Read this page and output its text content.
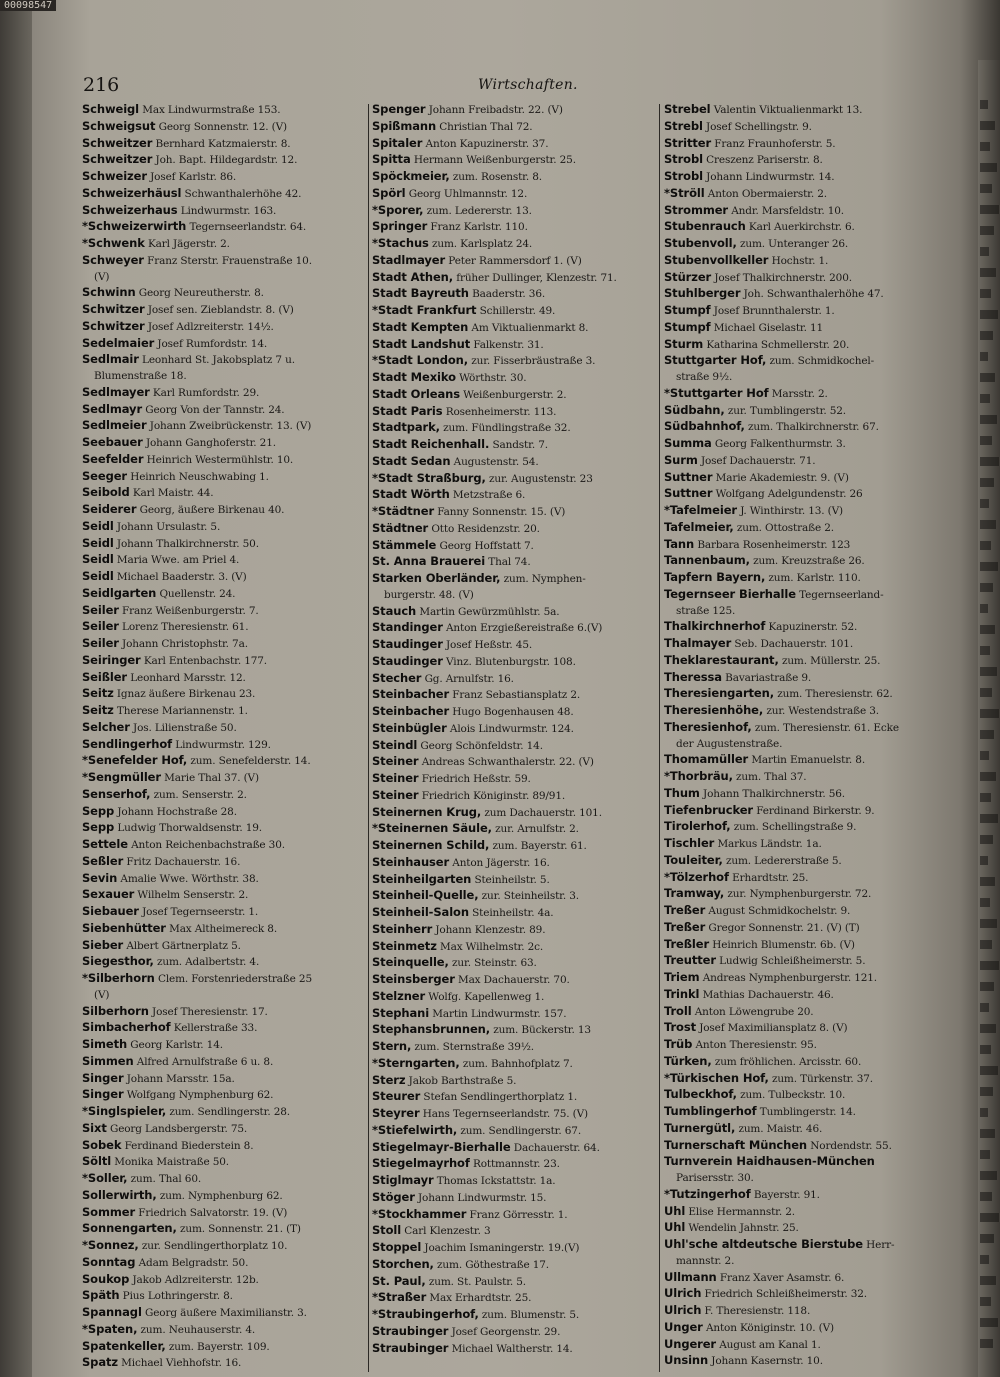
00098547
216	Wirtschaften.
Schweigl Max Lindwurmstraße 153.
Schweigsut Georg Sonnenstr. 12. (V)
Schweitzer Bernhard Katzmaierstr. 8.
Schweitzer Joh. Bapt. Hildegardstr. 12.
Schweizer Josef Karlstr. 86.
Schweizerhäusl Schwanthalerhöhe 42.
Schweizerhaus Lindwurmstr. 163.
*Schweizerwirth Tegernseerlandstr. 64.
*Schwenk Karl Jägerstr. 2.
Schweyer Franz Sterstr. Frauenstraße 10.
(V)
Schwinn Georg Neureutherstr. 8.
Schwitzer Josef sen. Zieblandstr. 8. (V)
Schwitzer Josef Adlzreiterstr. 14½.
Sedelmaier Josef Rumfordstr. 14.
Sedlmair Leonhard St. Jakobsplatz 7 u.
Blumenstraße 18.
Sedlmayer Karl Rumfordstr. 29.
Sedlmayr Georg Von der Tannstr. 24.
Sedlmeier Johann Zweibrückenstr. 13. (V)
Seebauer Johann Ganghoferstr. 21.
Seefelder Heinrich Westermühlstr. 10.
Seeger Heinrich Neuschwabing 1.
Seibold Karl Maistr. 44.
Seiderer Georg, äußere Birkenau 40.
Seidl Johann Ursulastr. 5.
Seidl Johann Thalkirchnerstr. 50.
Seidl Maria Wwe. am Priel 4.
Seidl Michael Baaderstr. 3. (V)
Seidlgarten Quellenstr. 24.
Seiler Franz Weißenburgerstr. 7.
Seiler Lorenz Theresienstr. 61.
Seiler Johann Christophstr. 7a.
Seiringer Karl Entenbachstr. 177.
Seißler Leonhard Marsstr. 12.
Seitz Ignaz äußere Birkenau 23.
Seitz Therese Mariannenstr. 1.
Selcher Jos. Lilienstraße 50.
Sendlingerhof Lindwurmstr. 129.
*Senefelder Hof, zum. Senefelderstr. 14.
*Sengmüller Marie Thal 37. (V)
Senserhof, zum. Senserstr. 2.
Sepp Johann Hochstraße 28.
Sepp Ludwig Thorwaldsenstr. 19.
Settele Anton Reichenbachstraße 30.
Seßler Fritz Dachauerstr. 16.
Sevin Amalie Wwe. Wörthstr. 38.
Sexauer Wilhelm Senserstr. 2.
Siebauer Josef Tegernseerstr. 1.
Siebenhütter Max Altheimereck 8.
Sieber Albert Gärtnerplatz 5.
Siegesthor, zum. Adalbertstr. 4.
*Silberhorn Clem. Forstenriederstraße 25
(V)
Silberhorn Josef Theresienstr. 17.
Simbacherhof Kellerstraße 33.
Simeth Georg Karlstr. 14.
Simmen Alfred Arnulfstraße 6 u. 8.
Singer Johann Marsstr. 15a.
Singer Wolfgang Nymphenburg 62.
*Singlspieler, zum. Sendlingerstr. 28.
Sixt Georg Landsbergerstr. 75.
Sobek Ferdinand Biederstein 8.
Söltl Monika Maistraße 50.
*Soller, zum. Thal 60.
Sollerwirth, zum. Nymphenburg 62.
Sommer Friedrich Salvatorstr. 19. (V)
Sonnengarten, zum. Sonnenstr. 21. (T)
*Sonnez, zur. Sendlingerthorplatz 10.
Sonntag Adam Belgradstr. 50.
Soukop Jakob Adlzreiterstr. 12b.
Späth Pius Lothringerstr. 8.
Spannagl Georg äußere Maximilianstr. 3.
*Spaten, zum. Neuhauserstr. 4.
Spatenkeller, zum. Bayerstr. 109.
Spatz Michael Viehhofstr. 16.
Spenger Johann Freibadstr. 22. (V)
Spißmann Christian Thal 72.
Spitaler Anton Kapuzinerstr. 37.
Spitta Hermann Weißenburgerstr. 25.
Spöckmeier, zum. Rosenstr. 8.
Spörl Georg Uhlmannstr. 12.
*Sporer, zum. Ledererstr. 13.
Springer Franz Karlstr. 110.
*Stachus zum. Karlsplatz 24.
Stadlmayer Peter Rammersdorf 1. (V)
Stadt Athen, früher Dullinger, Klenzestr. 71.
Stadt Bayreuth Baaderstr. 36.
*Stadt Frankfurt Schillerstr. 49.
Stadt Kempten Am Viktualienmarkt 8.
Stadt Landshut Falkenstr. 31.
*Stadt London, zur. Fisserbräustraße 3.
Stadt Mexiko Wörthstr. 30.
Stadt Orleans Weißenburgerstr. 2.
Stadt Paris Rosenheimerstr. 113.
Stadtpark, zum. Fündlingstraße 32.
Stadt Reichenhall. Sandstr. 7.
Stadt Sedan Augustenstr. 54.
*Stadt Straßburg, zur. Augustenstr. 23
Stadt Wörth Metzstraße 6.
*Städtner Fanny Sonnenstr. 15. (V)
Städtner Otto Residenzstr. 20.
Stämmele Georg Hoffstatt 7.
St. Anna Brauerei Thal 74.
Starken Oberländer, zum. Nymphen-
burgerstr. 48. (V)
Stauch Martin Gewürzmühlstr. 5a.
Standinger Anton Erzgießereistraße 6.(V)
Staudinger Josef Heßstr. 45.
Staudinger Vinz. Blutenburgstr. 108.
Stecher Gg. Arnulfstr. 16.
Steinbacher Franz Sebastiansplatz 2.
Steinbacher Hugo Bogenhausen 48.
Steinbügler Alois Lindwurmstr. 124.
Steindl Georg Schönfeldstr. 14.
Steiner Andreas Schwanthalerstr. 22. (V)
Steiner Friedrich Heßstr. 59.
Steiner Friedrich Königinstr. 89/91.
Steinernen Krug, zum Dachauerstr. 101.
*Steinernen Säule, zur. Arnulfstr. 2.
Steinernen Schild, zum. Bayerstr. 61.
Steinhauser Anton Jägerstr. 16.
Steinheilgarten Steinheilstr. 5.
Steinheil-Quelle, zur. Steinheilstr. 3.
Steinheil-Salon Steinheilstr. 4a.
Steinherr Johann Klenzestr. 89.
Steinmetz Max Wilhelmstr. 2c.
Steinquelle, zur. Steinstr. 63.
Steinsberger Max Dachauerstr. 70.
Stelzner Wolfg. Kapellenweg 1.
Stephani Martin Lindwurmstr. 157.
Stephansbrunnen, zum. Bückerstr. 13
Stern, zum. Sternstraße 39½.
*Sterngarten, zum. Bahnhofplatz 7.
Sterz Jakob Barthstraße 5.
Steurer Stefan Sendlingerthorplatz 1.
Steyrer Hans Tegernseerlandstr. 75. (V)
*Stiefelwirth, zum. Sendlingerstr. 67.
Stiegelmayr-Bierhalle Dachauerstr. 64.
Stiegelmayrhof Rottmannstr. 23.
Stiglmayr Thomas Ickstattstr. 1a.
Stöger Johann Lindwurmstr. 15.
*Stockhammer Franz Görresstr. 1.
Stoll Carl Klenzestr. 3
Stoppel Joachim Ismaningerstr. 19.(V)
Storchen, zum. Göthestraße 17.
St. Paul, zum. St. Paulstr. 5.
*Straßer Max Erhardtstr. 25.
*Straubingerhof, zum. Blumenstr. 5.
Straubinger Josef Georgenstr. 29.
Straubinger Michael Waltherstr. 14.
Strebel Valentin Viktualienmarkt 13.
Strebl Josef Schellingstr. 9.
Stritter Franz Fraunhoferstr. 5.
Strobl Creszenz Pariserstr. 8.
Strobl Johann Lindwurmstr. 14.
*Ströll Anton Obermaierstr. 2.
Strommer Andr. Marsfeldstr. 10.
Stubenrauch Karl Auerkirchstr. 6.
Stubenvoll, zum. Unteranger 26.
Stubenvollkeller Hochstr. 1.
Stürzer Josef Thalkirchnerstr. 200.
Stuhlberger Joh. Schwanthalerhöhe 47.
Stumpf Josef Brunnthalerstr. 1.
Stumpf Michael Giselastr. 11
Sturm Katharina Schmellerstr. 20.
Stuttgarter Hof, zum. Schmidkochel-
straße 9½.
*Stuttgarter Hof Marsstr. 2.
Südbahn, zur. Tumblingerstr. 52.
Südbahnhof, zum. Thalkirchnerstr. 67.
Summa Georg Falkenthurmstr. 3.
Surm Josef Dachauerstr. 71.
Suttner Marie Akademiestr. 9. (V)
Suttner Wolfgang Adelgundenstr. 26
*Tafelmeier J. Winthirstr. 13. (V)
Tafelmeier, zum. Ottostraße 2.
Tann Barbara Rosenheimerstr. 123
Tannenbaum, zum. Kreuzstraße 26.
Tapfern Bayern, zum. Karlstr. 110.
Tegernseer Bierhalle Tegernseerland-
straße 125.
Thalkirchnerhof Kapuzinerstr. 52.
Thalmayer Seb. Dachauerstr. 101.
Theklarestaurant, zum. Müllerstr. 25.
Theressa Bavariastraße 9.
Theresiengarten, zum. Theresienstr. 62.
Theresienhöhe, zur. Westendstraße 3.
Theresienhof, zum. Theresienstr. 61. Ecke
der Augustenstraße.
Thomamüller Martin Emanuelstr. 8.
*Thorbräu, zum. Thal 37.
Thum Johann Thalkirchnerstr. 56.
Tiefenbrucker Ferdinand Birkerstr. 9.
Tirolerhof, zum. Schellingstraße 9.
Tischler Markus Ländstr. 1a.
Touleiter, zum. Ledererstraße 5.
*Tölzerhof Erhardtstr. 25.
Tramway, zur. Nymphenburgerstr. 72.
Treßer August Schmidkochelstr. 9.
Treßer Gregor Sonnenstr. 21. (V) (T)
Treßler Heinrich Blumenstr. 6b. (V)
Treutter Ludwig Schleißheimerstr. 5.
Triem Andreas Nymphenburgerstr. 121.
Trinkl Mathias Dachauerstr. 46.
Troll Anton Löwengrube 20.
Trost Josef Maximiliansplatz 8. (V)
Trüb Anton Theresienstr. 95.
Türken, zum fröhlichen. Arcisstr. 60.
*Türkischen Hof, zum. Türkenstr. 37.
Tulbeckhof, zum. Tulbeckstr. 10.
Tumblingerhof Tumblingerstr. 14.
Turnergütl, zum. Maistr. 46.
Turnerschaft München Nordendstr. 55.
Turnverein Haidhausen-München
Parisersstr. 30.
*Tutzingerhof Bayerstr. 91.
Uhl Elise Hermannstr. 2.
Uhl Wendelin Jahnstr. 25.
Uhl'sche altdeutsche Bierstube Herr-
mannstr. 2.
Ullmann Franz Xaver Asamstr. 6.
Ulrich Friedrich Schleißheimerstr. 32.
Ulrich F. Theresienstr. 118.
Unger Anton Königinstr. 10. (V)
Ungerer August am Kanal 1.
Unsinn Johann Kasernstr. 10.
